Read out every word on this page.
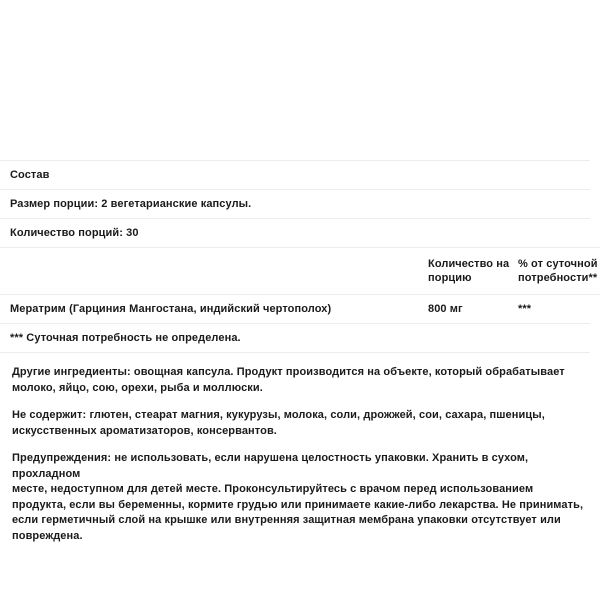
Состав
Размер порции: 2 вегетарианские капсулы.
Количество порций: 30
	Количество на порцию	% от суточной потребности**
Мератрим (Гарциния Мангостана, индийский чертополох)	800 мг	***
*** Суточная потребность не определена.

Другие ингредиенты: овощная капсула. Продукт производится на объекте, который обрабатывает молоко, яйцо, сою, орехи, рыба и моллюски.

Не содержит: глютен, стеарат магния, кукурузы, молока, соли, дрожжей, сои, сахара, пшеницы, искусственных ароматизаторов, консервантов.

Предупреждения: не использовать, если нарушена целостность упаковки. Хранить в сухом, прохладном
месте, недоступном для детей месте. Проконсультируйтесь с врачом перед использованием продукта, если вы беременны, кормите грудью или принимаете какие-либо лекарства. Не принимать, если герметичный слой на крышке или внутренняя защитная мембрана упаковки отсутствует или повреждена.
